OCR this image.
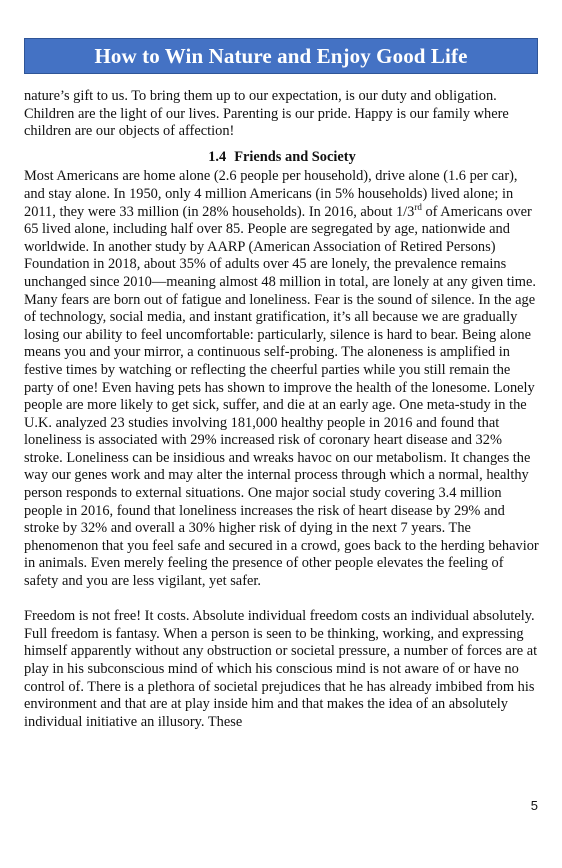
How to Win Nature and Enjoy Good Life

nature’s gift to us. To bring them up to our expectation, is our duty and obligation. Children are the light of our lives. Parenting is our pride. Happy is our family where children are our objects of affection!

1.4 Friends and Society

Most Americans are home alone (2.6 people per household), drive alone (1.6 per car), and stay alone. In 1950, only 4 million Americans (in 5% households) lived alone; in 2011, they were 33 million (in 28% households). In 2016, about 1/3rd of Americans over 65 lived alone, including half over 85. People are segregated by age, nationwide and worldwide. In another study by AARP (American Association of Retired Persons) Foundation in 2018, about 35% of adults over 45 are lonely, the prevalence remains unchanged since 2010—meaning almost 48 million in total, are lonely at any given time. Many fears are born out of fatigue and loneliness. Fear is the sound of silence. In the age of technology, social media, and instant gratification, it’s all because we are gradually losing our ability to feel uncomfortable: particularly, silence is hard to bear. Being alone means you and your mirror, a continuous self-probing. The aloneness is amplified in festive times by watching or reflecting the cheerful parties while you still remain the party of one! Even having pets has shown to improve the health of the lonesome. Lonely people are more likely to get sick, suffer, and die at an early age. One meta-study in the U.K. analyzed 23 studies involving 181,000 healthy people in 2016 and found that loneliness is associated with 29% increased risk of coronary heart disease and 32% stroke. Loneliness can be insidious and wreaks havoc on our metabolism. It changes the way our genes work and may alter the internal process through which a normal, healthy person responds to external situations. One major social study covering 3.4 million people in 2016, found that loneliness increases the risk of heart disease by 29% and stroke by 32% and overall a 30% higher risk of dying in the next 7 years. The phenomenon that you feel safe and secured in a crowd, goes back to the herding behavior in animals. Even merely feeling the presence of other people elevates the feeling of safety and you are less vigilant, yet safer.

Freedom is not free! It costs. Absolute individual freedom costs an individual absolutely. Full freedom is fantasy. When a person is seen to be thinking, working, and expressing himself apparently without any obstruction or societal pressure, a number of forces are at play in his subconscious mind of which his conscious mind is not aware of or have no control of. There is a plethora of societal prejudices that he has already imbibed from his environment and that are at play inside him and that makes the idea of an absolutely individual initiative an illusory. These

5
